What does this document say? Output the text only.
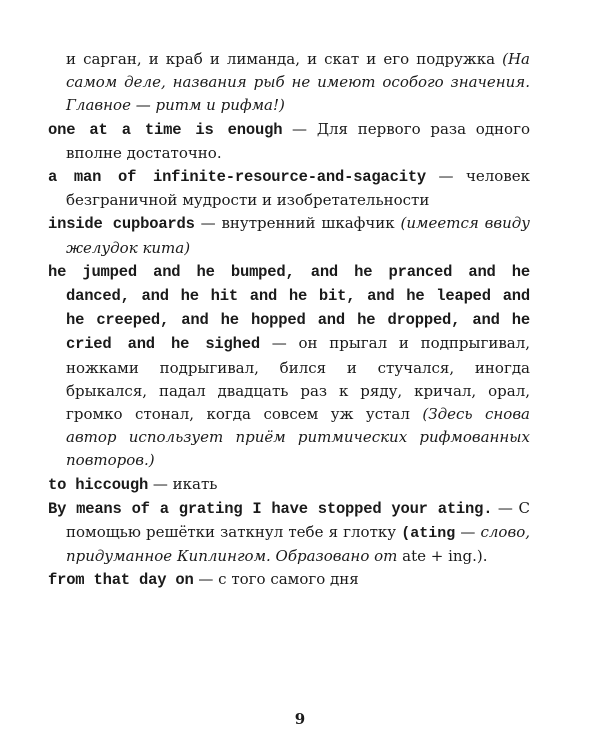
и сарган, и краб и лиманда, и скат и его подружка (На самом деле, названия рыб не имеют особого значения. Главное — ритм и рифма!)

one at a time is enough — Для первого раза одного вполне достаточно.

a man of infinite-resource-and-sagacity — человек безграничной мудрости и изобретательности

inside cupboards — внутренний шкафчик (имеется ввиду желудок кита)

he jumped and he bumped, and he pranced and he danced, and he hit and he bit, and he leaped and he creeped, and he hopped and he dropped, and he cried and he sighed — он прыгал и подпрыгивал, ножками подрыгивал, бился и стучался, иногда брыкался, падал двадцать раз к ряду, кричал, орал, громко стонал, когда совсем уж устал (Здесь снова автор использует приём ритмических рифмованных повторов.)

to hiccough — икать

By means of a grating I have stopped your ating. — С помощью решётки заткнул тебе я глотку (ating — слово, придуманное Киплингом. Образовано от ate + ing.).

from that day on — с того самого дня

9
